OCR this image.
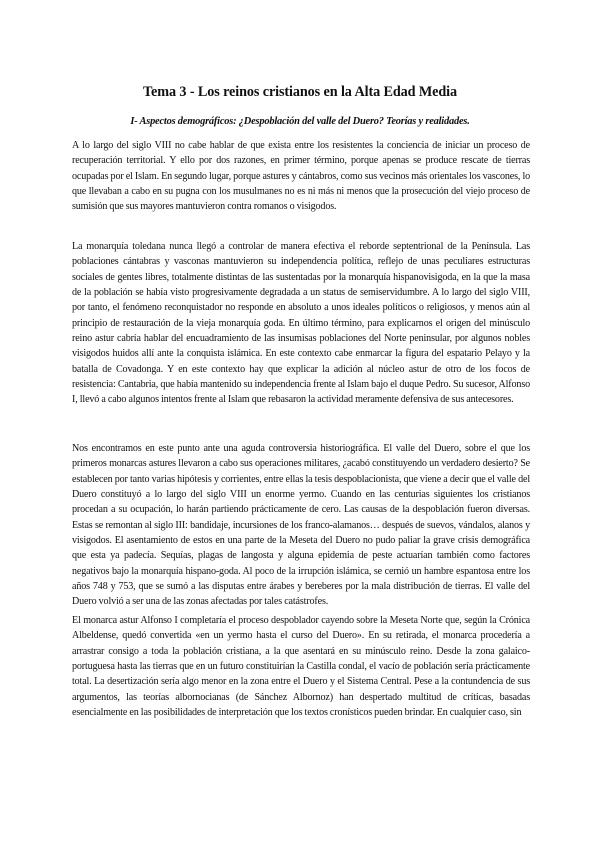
Tema 3 - Los reinos cristianos en la Alta Edad Media
I- Aspectos demográficos: ¿Despoblación del valle del Duero? Teorías y realidades.

A lo largo del siglo VIII no cabe hablar de que exista entre los resistentes la conciencia de iniciar un proceso de recuperación territorial. Y ello por dos razones, en primer término, porque apenas se produce rescate de tierras ocupadas por el Islam. En segundo lugar, porque astures y cántabros, como sus vecinos más orientales los vascones, lo que llevaban a cabo en su pugna con los musulmanes no es ni más ni menos que la prosecución del viejo proceso de sumisión que sus mayores mantuvieron contra romanos o visigodos.

La monarquía toledana nunca llegó a controlar de manera efectiva el reborde septentrional de la Península. Las poblaciones cántabras y vasconas mantuvieron su independencia política, reflejo de unas peculiares estructuras sociales de gentes libres, totalmente distintas de las sustentadas por la monarquía hispanovisigoda, en la que la masa de la población se había visto progresivamente degradada a un status de semiservidumbre. A lo largo del siglo VIII, por tanto, el fenómeno reconquistador no responde en absoluto a unos ideales políticos o religiosos, y menos aún al principio de restauración de la vieja monarquía goda. En último término, para explicarnos el origen del minúsculo reino astur cabría hablar del encuadramiento de las insumisas poblaciones del Norte peninsular, por algunos nobles visigodos huidos allí ante la conquista islámica. En este contexto cabe enmarcar la figura del espatario Pelayo y la batalla de Covadonga. Y en este contexto hay que explicar la adición al núcleo astur de otro de los focos de resistencia: Cantabria, que había mantenido su independencia frente al Islam bajo el duque Pedro. Su sucesor, Alfonso I, llevó a cabo algunos intentos frente al Islam que rebasaron la actividad meramente defensiva de sus antecesores.

Nos encontramos en este punto ante una aguda controversia historiográfica. El valle del Duero, sobre el que los primeros monarcas astures llevaron a cabo sus operaciones militares, ¿acabó constituyendo un verdadero desierto? Se establecen por tanto varias hipótesis y corrientes, entre ellas la tesis despoblacionista, que viene a decir que el valle del Duero constituyó a lo largo del siglo VIII un enorme yermo. Cuando en las centurias siguientes los cristianos procedan a su ocupación, lo harán partiendo prácticamente de cero. Las causas de la despoblación fueron diversas. Estas se remontan al siglo III: bandidaje, incursiones de los franco-alamanos… después de suevos, vándalos, alanos y visigodos. El asentamiento de estos en una parte de la Meseta del Duero no pudo paliar la grave crisis demográfica que esta ya padecía. Sequías, plagas de langosta y alguna epidemia de peste actuarían también como factores negativos bajo la monarquía hispano-goda. Al poco de la irrupción islámica, se cernió un hambre espantosa entre los años 748 y 753, que se sumó a las disputas entre árabes y bereberes por la mala distribución de tierras. El valle del Duero volvió a ser una de las zonas afectadas por tales catástrofes.

El monarca astur Alfonso I completaría el proceso despoblador cayendo sobre la Meseta Norte que, según la Crónica Albeldense, quedó convertida «en un yermo hasta el curso del Duero». En su retirada, el monarca procedería a arrastrar consigo a toda la población cristiana, a la que asentará en su minúsculo reino. Desde la zona galaico-portuguesa hasta las tierras que en un futuro constituirían la Castilla condal, el vacío de población sería prácticamente total. La desertización sería algo menor en la zona entre el Duero y el Sistema Central. Pese a la contundencia de sus argumentos, las teorías albornocianas (de Sánchez Albornoz) han despertado multitud de críticas, basadas esencialmente en las posibilidades de interpretación que los textos cronísticos pueden brindar. En cualquier caso, sin
